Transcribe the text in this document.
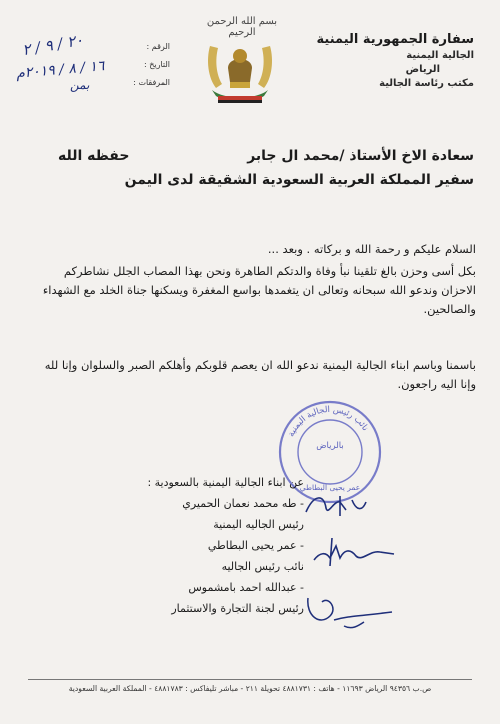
سفارة الجمهورية اليمنية
الجالية اليمنية
الرياض
مكتب رئاسة الجالية
بسم الله الرحمن الرحيم
الرقم :
التاريخ :
المرفقات :
٢٠ / ٩ / ٢
١٦ / ٨ / ٢٠١٩م
بمن
سعادة الاخ الأستاذ /محمد ال جابر
حفظه الله
سفير المملكة العربية السعودية الشقيقة لدى اليمن
السلام عليكم و رحمة الله و بركاته . وبعد ...
بكل أسى وحزن بالغ تلقينا نبأ وفاة والدتكم الطاهرة ونحن بهذا المصاب الجلل نشاطركم الاحزان وندعو الله سبحانه وتعالى ان يتغمدها بواسع المغفرة ويسكنها جناة الخلد مع الشهداء والصالحين.
باسمنا وباسم ابناء الجالية اليمنية ندعو الله ان يعصم قلوبكم وأهلكم الصبر والسلوان وإنا لله وإنا اليه راجعون.
نائب رئيس الجالية اليمنية
بالرياض
عمر يحيى البطاطي
عن ابناء الجالية اليمنية بالسعودية :
- طه محمد نعمان الحميري
رئيس الجاليه اليمنية
- عمر يحيى البطاطي
نائب رئيس الجاليه
- عبدالله احمد بامشموس
رئيس لجنة التجارة والاستثمار
ص.ب ٩٤٣٥٦ الرياض ١١٦٩٣ - هاتف : ٤٨٨١٧٣١ تحويلة ٢١١ - مباشر تليفاكس : ٤٨٨١٧٨٣ - المملكة العربية السعودية
